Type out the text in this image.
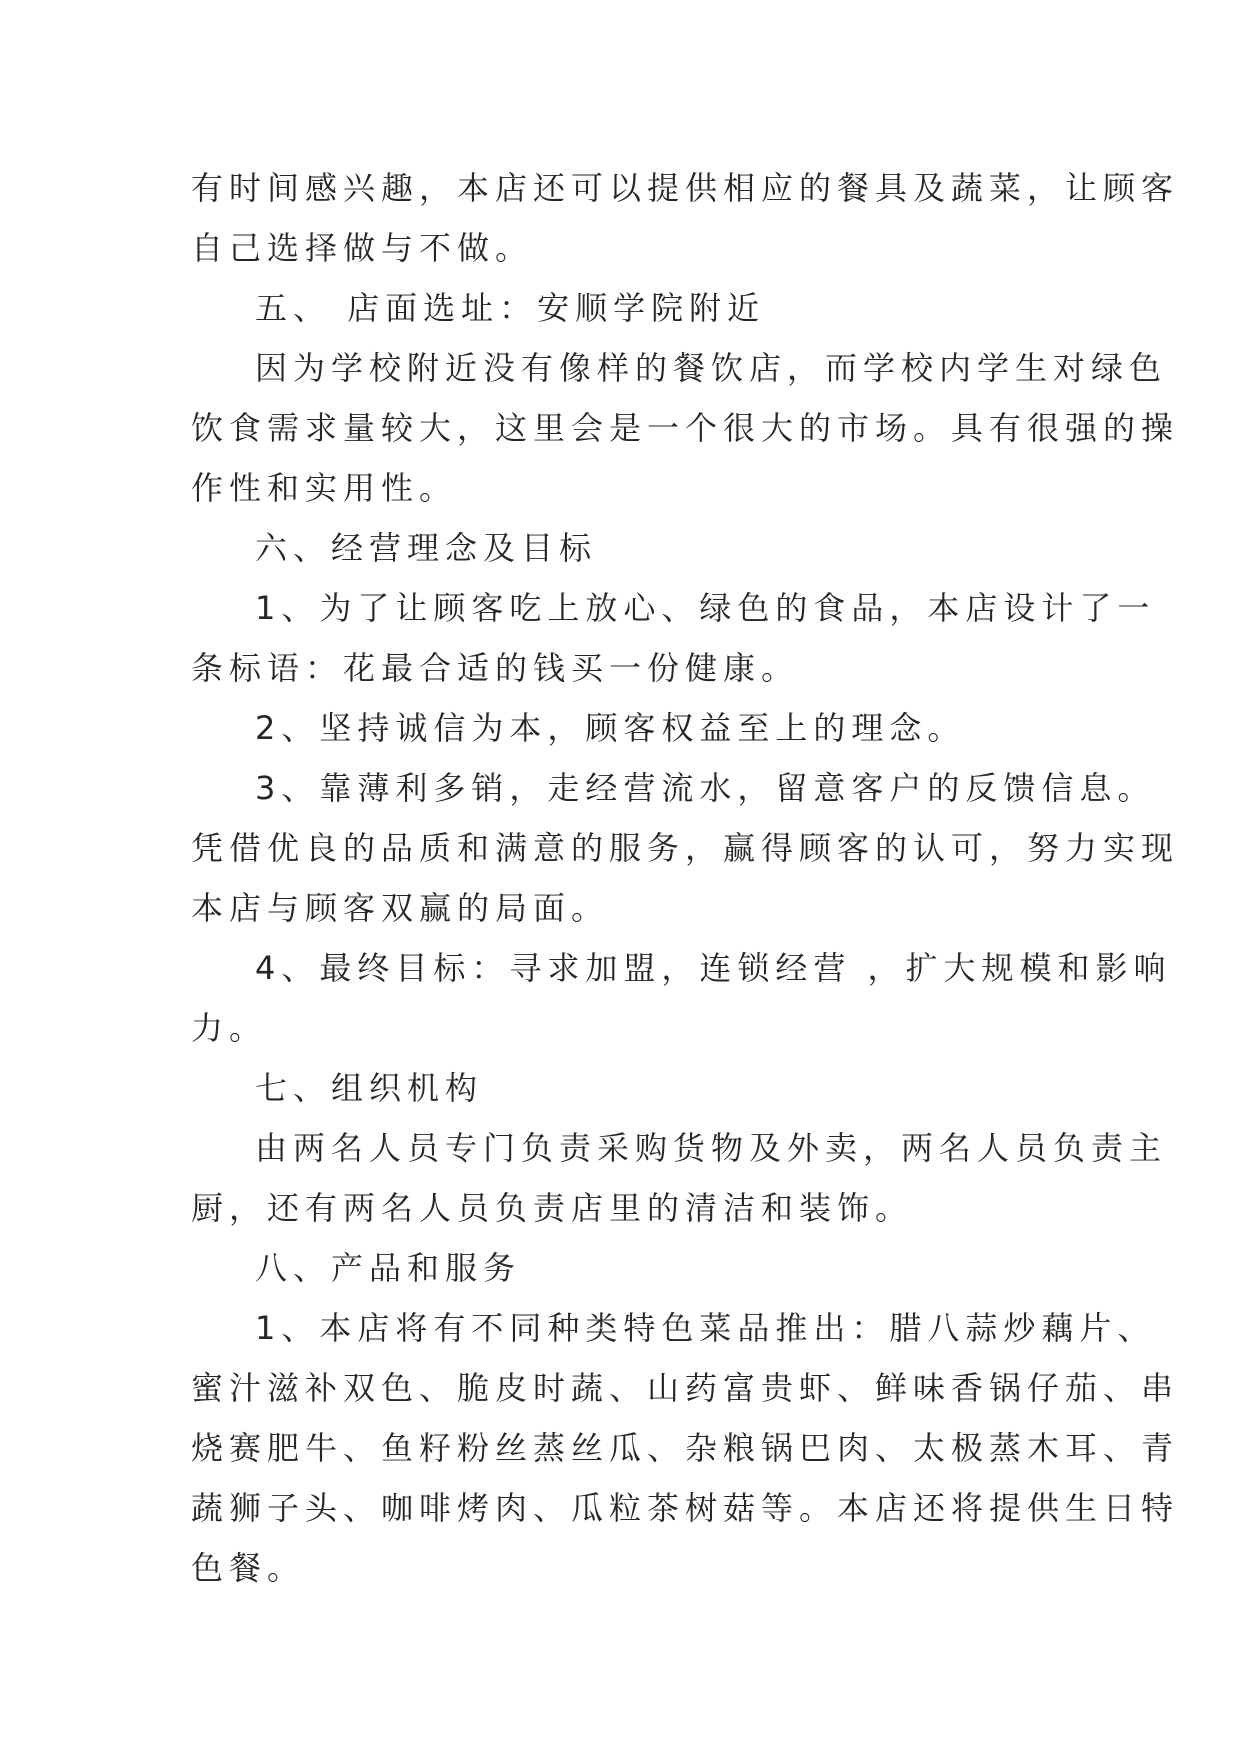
有时间感兴趣，本店还可以提供相应的餐具及蔬菜，让顾客
自己选择做与不做。
五、 店面选址：安顺学院附近
因为学校附近没有像样的餐饮店，而学校内学生对绿色
饮食需求量较大，这里会是一个很大的市场。具有很强的操
作性和实用性。
六、经营理念及目标
1、为了让顾客吃上放心、绿色的食品，本店设计了一
条标语：花最合适的钱买一份健康。
2、坚持诚信为本，顾客权益至上的理念。
3、靠薄利多销，走经营流水，留意客户的反馈信息。
凭借优良的品质和满意的服务，赢得顾客的认可，努力实现
本店与顾客双赢的局面。
4、最终目标：寻求加盟，连锁经营 ，扩大规模和影响
力。
七、组织机构
由两名人员专门负责采购货物及外卖，两名人员负责主
厨，还有两名人员负责店里的清洁和装饰。
八、产品和服务
1、本店将有不同种类特色菜品推出：腊八蒜炒藕片、
蜜汁滋补双色、脆皮时蔬、山药富贵虾、鲜味香锅仔茄、串
烧赛肥牛、鱼籽粉丝蒸丝瓜、杂粮锅巴肉、太极蒸木耳、青
蔬狮子头、咖啡烤肉、瓜粒茶树菇等。本店还将提供生日特
色餐。
